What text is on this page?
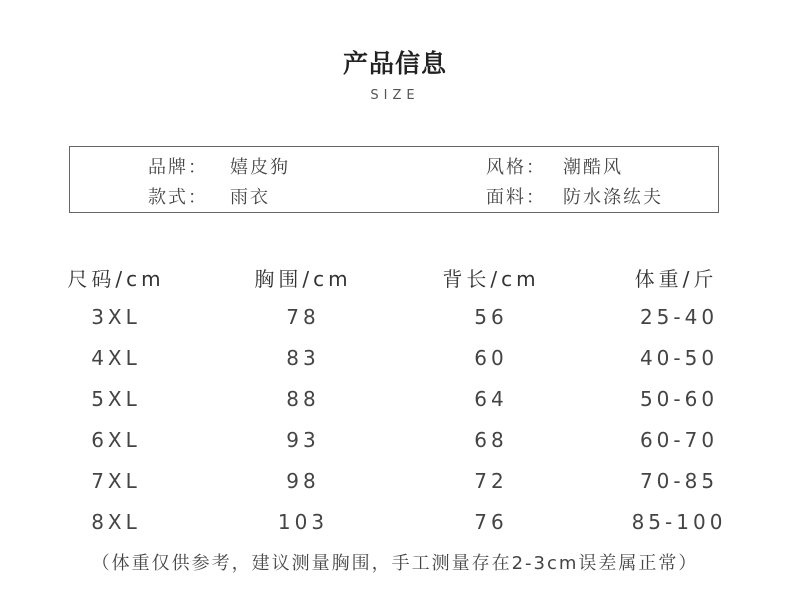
产品信息
SIZE
品牌： 嬉皮狗	风格： 潮酷风
款式： 雨衣	面料： 防水涤纮夫
尺码/cm	胸围/cm	背长/cm	体重/斤
3XL	78	56	25-40
4XL	83	60	40-50
5XL	88	64	50-60
6XL	93	68	60-70
7XL	98	72	70-85
8XL	103	76	85-100
（体重仅供参考，建议测量胸围，手工测量存在2-3cm误差属正常）
